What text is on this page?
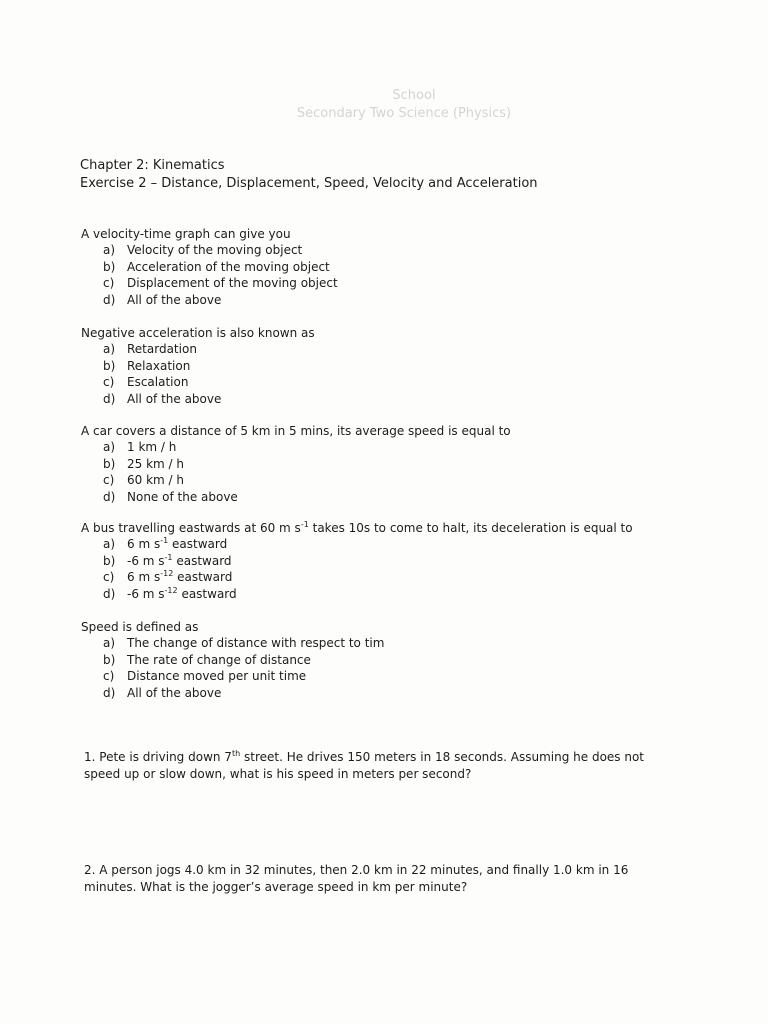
School
Secondary Two Science (Physics)
Chapter 2: Kinematics
Exercise 2 – Distance, Displacement, Speed, Velocity and Acceleration

A velocity-time graph can give you

a) Velocity of the moving object
b) Acceleration of the moving object
c)	Displacement of the moving object
d) All of the above

Negative acceleration is also known as

a) Retardation
b) Relaxation
c)	Escalation
d) All of the above

A car covers a distance of 5 km in 5 mins, its average speed is equal to

a) 1 km / h
b) 25 km / h
c)	60 km / h
d) None of the above

A bus travelling eastwards at 60 m $s^{-1}$ takes 10s to come to halt, its deceleration is equal to

a) 6 m $s^{-1}$ eastward
b) -6 m $s^{-1}$ eastward
c)	6 m $s^{-12}$ eastward
d) -6 m $s^{-12}$ eastward

Speed is defined as

a) The change of distance with respect to tim
b) The rate of change of distance
c)	Distance moved per unit time
d) All of the above
1. Pete is driving down 7th street. He drives 150 meters in 18 seconds. Assuming he does not speed up or slow down, what is his speed in meters per second?
2. A person jogs 4.0 km in 32 minutes, then 2.0 km in 22 minutes, and finally 1.0 km in 16 minutes. What is the jogger’s average speed in km per minute?
